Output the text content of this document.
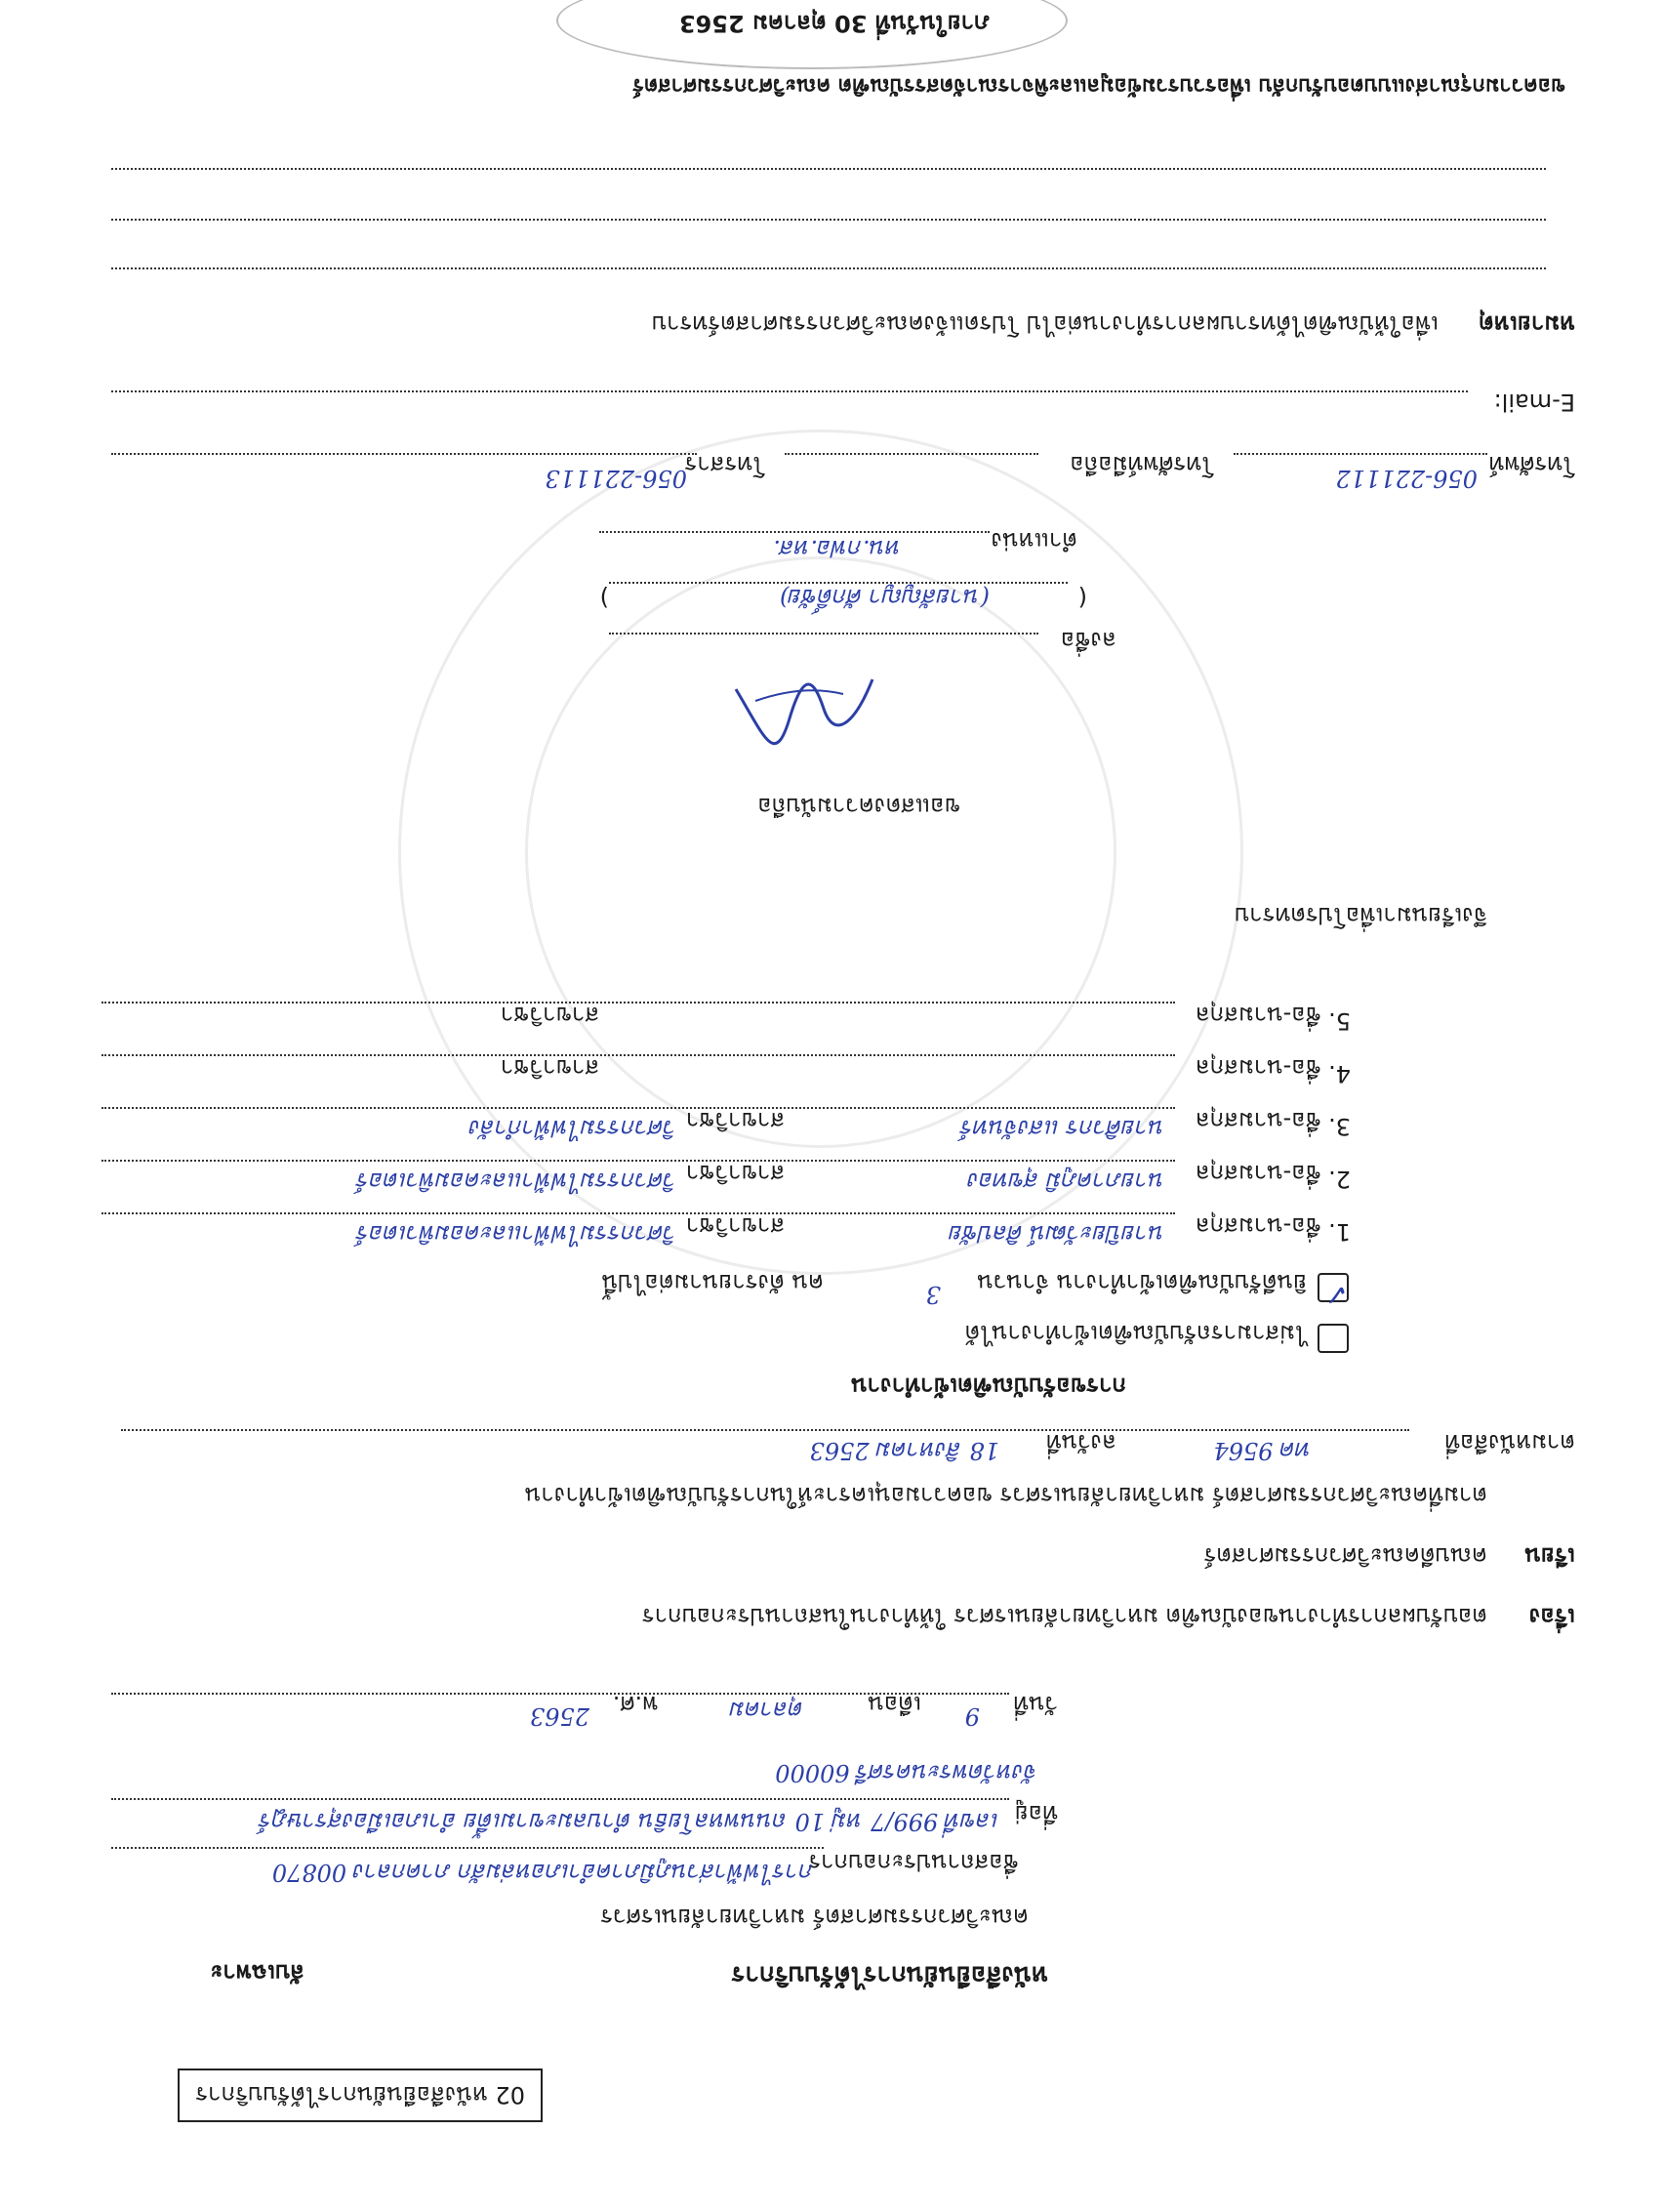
02 หนังสือยืนยันการได้รับบริการ
ลับเฉพาะ	หนังสือยืนยันการได้รับบริการ
คณะวิศวกรรมศาสตร์ มหาวิทยาลัยนเรศวร
ชื่อสถานประกอบการ
การไฟฟ้าส่วนภูมิภาคอำเภอหล่มสัก ภาคกลาง 00870
ที่อยู่
เลขที่ 999/7 หมู่ 10 ถนนพหลโยธิน ตำบลมะขามเตี้ย อำเภอเมืองสุราษฎร์
จังหวัดพระนครศรี 60000
วันที่
9
เดือน
ตุลาคม
พ.ศ.
2563
เรื่อง
ตอบรับผลการทำงานของบัณฑิต มหาวิทยาลัยนเรศวร ให้ทำงานในสถานประกอบการ
เรียน
คณบดีคณะวิศวกรรมศาสตร์
ตามที่คณะวิศวกรรมศาสตร์ มหาวิทยาลัยนเรศวร ขอความอนุเคราะห์ในการรับบัณฑิตเข้าทำงาน
ตามหนังสือที่
ทค 9564
ลงวันที่
18 สิงหาคม 2563
การขอรับบัณฑิตเข้าทำงาน
ไม่สามารถรับบัณฑิตเข้าทำงานได้
✓
ยินดีรับบัณฑิตเข้าทำงาน จำนวน
3
คน ดังรายนามต่อไปนี้
1.
ชื่อ-นามสกุล
นายปิยะวัฒน์ ศิลปชัย
สาขาวิชา
วิศวกรรมไฟฟ้าและคอมพิวเตอร์
2.
ชื่อ-นามสกุล
นายภาคภูมิ สุขทอง
สาขาวิชา
วิศวกรรมไฟฟ้าและคอมพิวเตอร์
3.
ชื่อ-นามสกุล
นายศิวกร แสงจันทร์
สาขาวิชา
วิศวกรรมไฟฟ้ากำลัง
4.
ชื่อ-นามสกุล
สาขาวิชา
5.
ชื่อ-นามสกุล
สาขาวิชา
จึงเรียนมาเพื่อโปรดทราบ
ขอแสดงความนับถือ
ลงชื่อ
(
(นายสัญญา ศักดิ์ชัย)
)
ตำแหน่ง
หน.กฟอ.หส.
โทรศัพท์
056-221112
โทรศัพท์มือถือ
โทรสาร
056-221113
E-mail:
หมายเหตุ
เพื่อให้บัณฑิตได้ทราบผลการทำงานต่อไป โปรดแจ้งคณะวิศวกรรมศาสตร์ทราบ
ขอความกรุณาส่งแบบตอบรับกลับ เพื่อรวบรวมข้อมูลและพิจารณาจัดสรรบัณฑิต คณะวิศวกรรมศาสตร์
ภายในวันที่ 30 ตุลาคม 2563
